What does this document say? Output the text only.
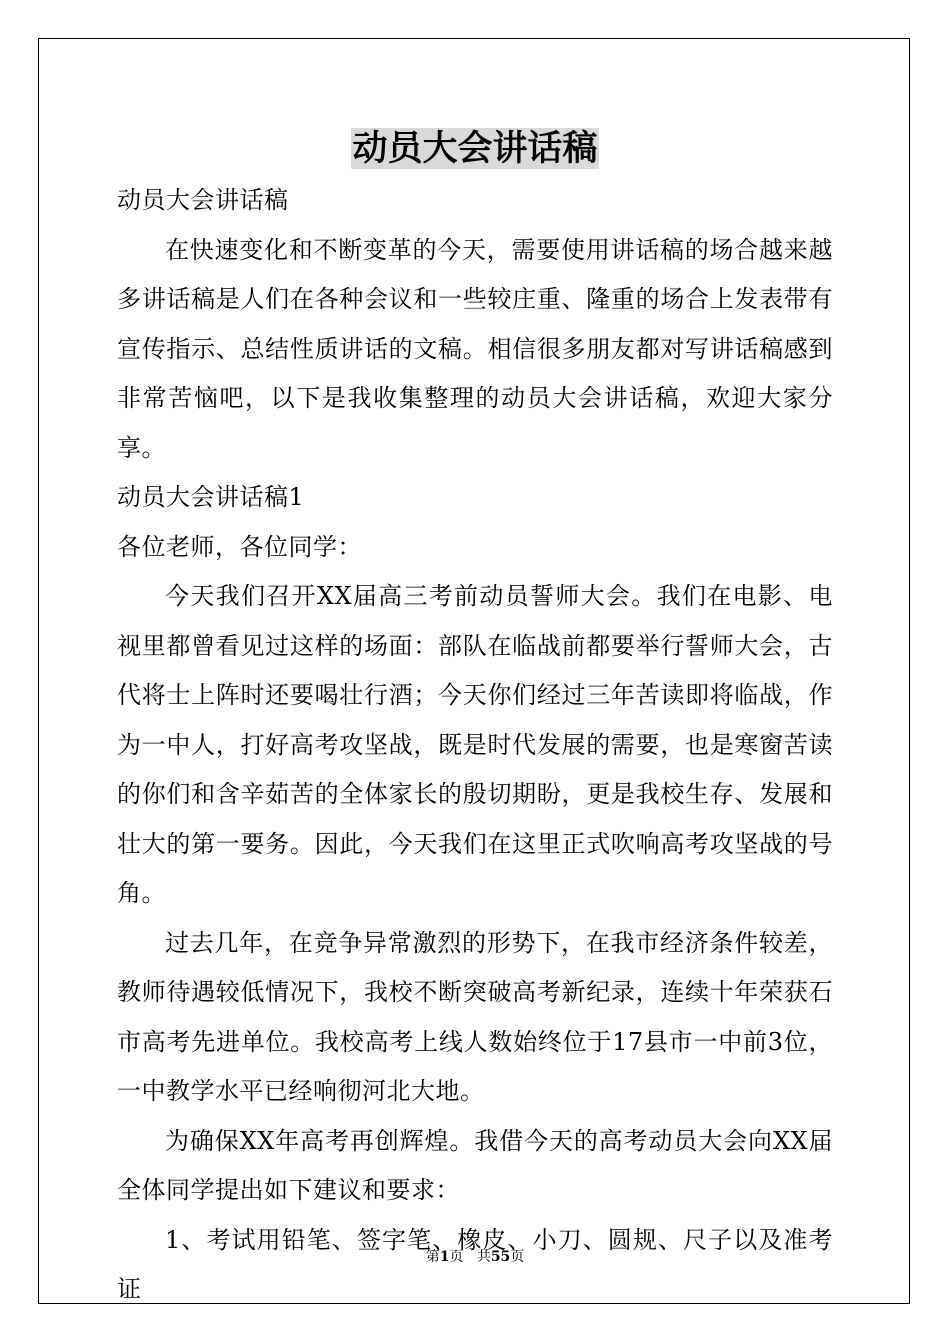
动员大会讲话稿

动员大会讲话稿

在快速变化和不断变革的今天，需要使用讲话稿的场合越来越多讲话稿是人们在各种会议和一些较庄重、隆重的场合上发表带有宣传指示、总结性质讲话的文稿。相信很多朋友都对写讲话稿感到非常苦恼吧，以下是我收集整理的动员大会讲话稿，欢迎大家分享。

动员大会讲话稿1

各位老师，各位同学：

今天我们召开XX届高三考前动员誓师大会。我们在电影、电视里都曾看见过这样的场面：部队在临战前都要举行誓师大会，古代将士上阵时还要喝壮行酒；今天你们经过三年苦读即将临战，作为一中人，打好高考攻坚战，既是时代发展的需要，也是寒窗苦读的你们和含辛茹苦的全体家长的殷切期盼，更是我校生存、发展和壮大的第一要务。因此，今天我们在这里正式吹响高考攻坚战的号角。

过去几年，在竞争异常激烈的形势下，在我市经济条件较差，教师待遇较低情况下，我校不断突破高考新纪录，连续十年荣获石市高考先进单位。我校高考上线人数始终位于17县市一中前3位，一中教学水平已经响彻河北大地。

为确保XX年高考再创辉煌。我借今天的高考动员大会向XX届全体同学提出如下建议和要求：

1、考试用铅笔、签字笔、橡皮、小刀、圆规、尺子以及准考证

第1页 共55页
